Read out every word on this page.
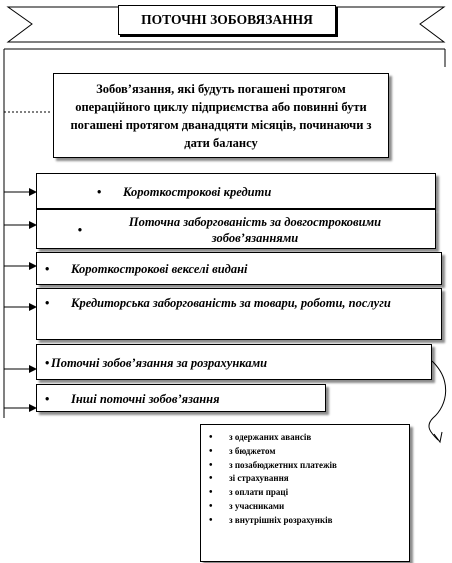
ПОТОЧНІ ЗОБОВЯЗАННЯ
Зобов’язання, які будуть погашені протягом операційного циклу підприємства або повинні бути погашені протягом дванадцяти місяців, починаючи з дати балансу
•	Короткострокові кредити
•
Поточна заборгованість за довгостроковими зобов’язаннями
•	Короткострокові векселі видані
•	Кредиторська заборгованість за товари, роботи, послуги
• Поточні зобов’язання за розрахунками
•	Інші поточні зобов’язання
•	з одержаних авансів
•	з бюджетом
•	з позабюджетних платежів
•	зі страхування
•	з оплати праці
•	з учасниками
•	з внутрішніх розрахунків
